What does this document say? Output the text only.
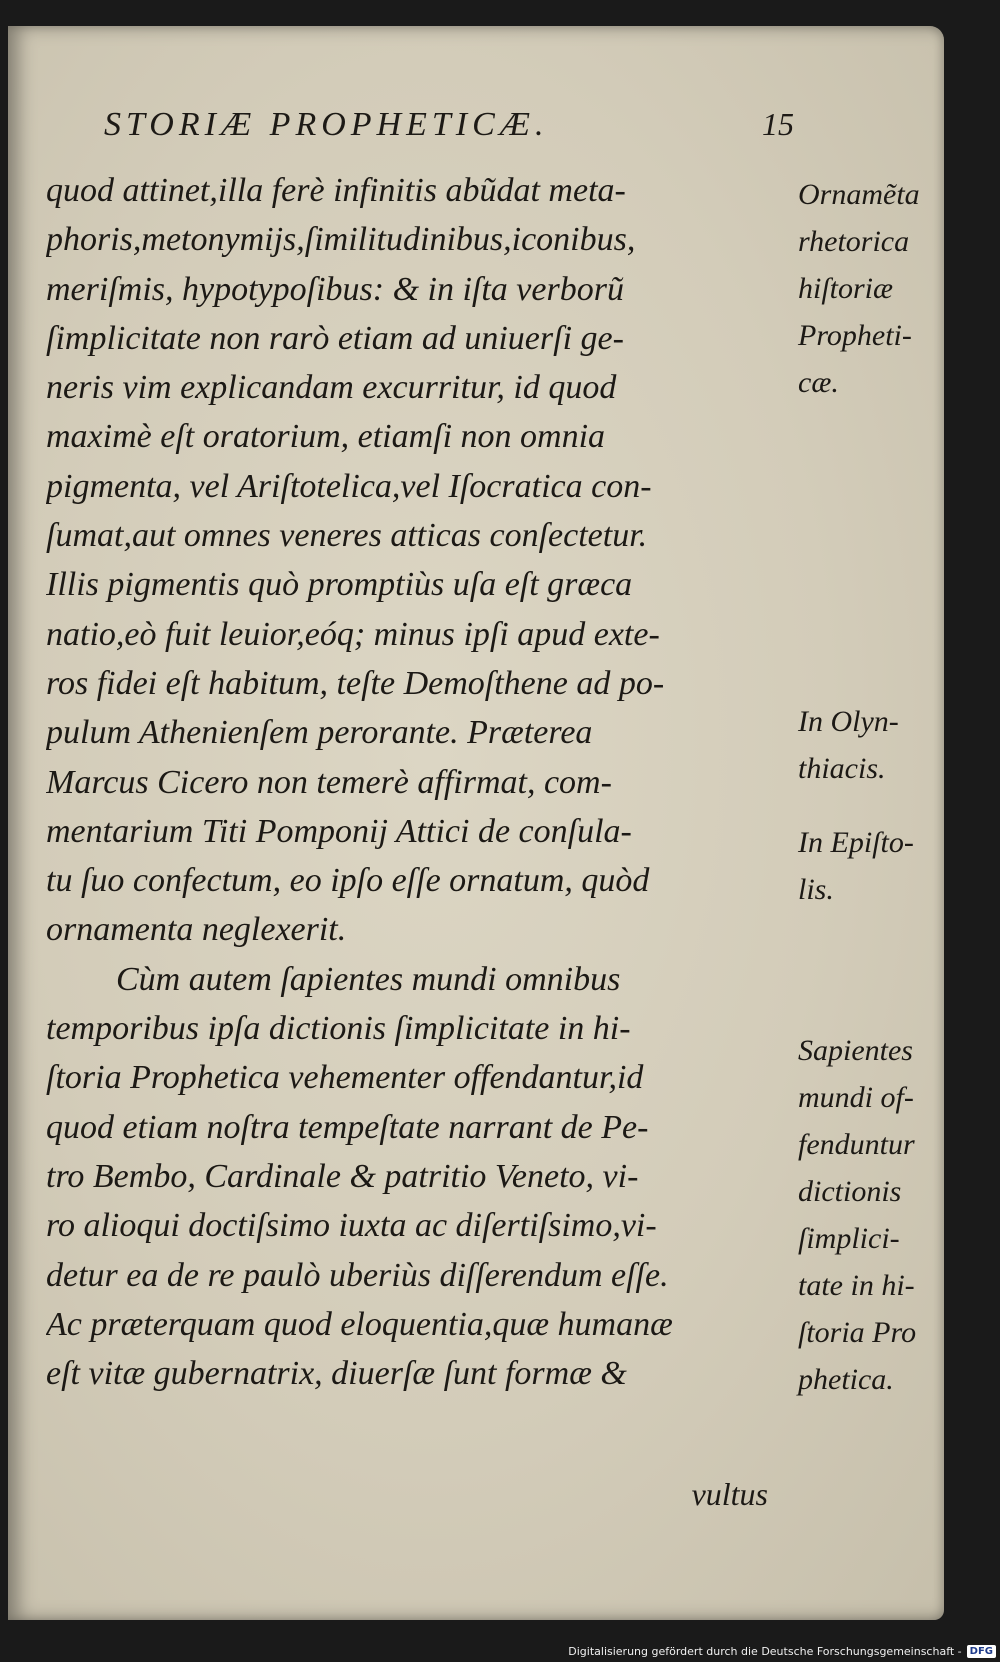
STORIÆ PROPHETICÆ.	15
quod attinet,illa ferè infinitis abũdat meta-
phoris,metonymijs,ſimilitudinibus,iconibus,
meriſmis, hypotypoſibus: & in iſta verborũ
ſimplicitate non rarò etiam ad uniuerſi ge-
neris vim explicandam excurritur, id quod
maximè eſt oratorium, etiamſi non omnia
pigmenta, vel Ariſtotelica,vel Iſocratica con-
ſumat,aut omnes veneres atticas conſectetur.
Illis pigmentis quò promptiùs uſa eſt græca
natio,eò fuit leuior,eóq; minus ipſi apud exte-
ros fidei eſt habitum, teſte Demoſthene ad po-
pulum Athenienſem perorante. Præterea
Marcus Cicero non temerè affirmat, com-
mentarium Titi Pomponij Attici de conſula-
tu ſuo confectum, eo ipſo eſſe ornatum, quòd
ornamenta neglexerit.
Cùm autem ſapientes mundi omnibus
temporibus ipſa dictionis ſimplicitate in hi-
ſtoria Prophetica vehementer offendantur,id
quod etiam noſtra tempeſtate narrant de Pe-
tro Bembo, Cardinale & patritio Veneto, vi-
ro alioqui doctiſsimo iuxta ac diſertiſsimo,vi-
detur ea de re paulò uberiùs diſſerendum eſſe.
Ac præterquam quod eloquentia,quæ humanæ
eſt vitæ gubernatrix, diuerſæ ſunt formæ &
vultus
Ornamẽta
rhetorica
hiſtoriæ
Propheti-
cæ.
In Olyn-
thiacis.
In Epiſto-
lis.
Sapientes
mundi of-
fenduntur
dictionis
ſimplici-
tate in hi-
ſtoria Pro
phetica.
Digitalisierung gefördert durch die Deutsche Forschungsgemeinschaft - DFG
